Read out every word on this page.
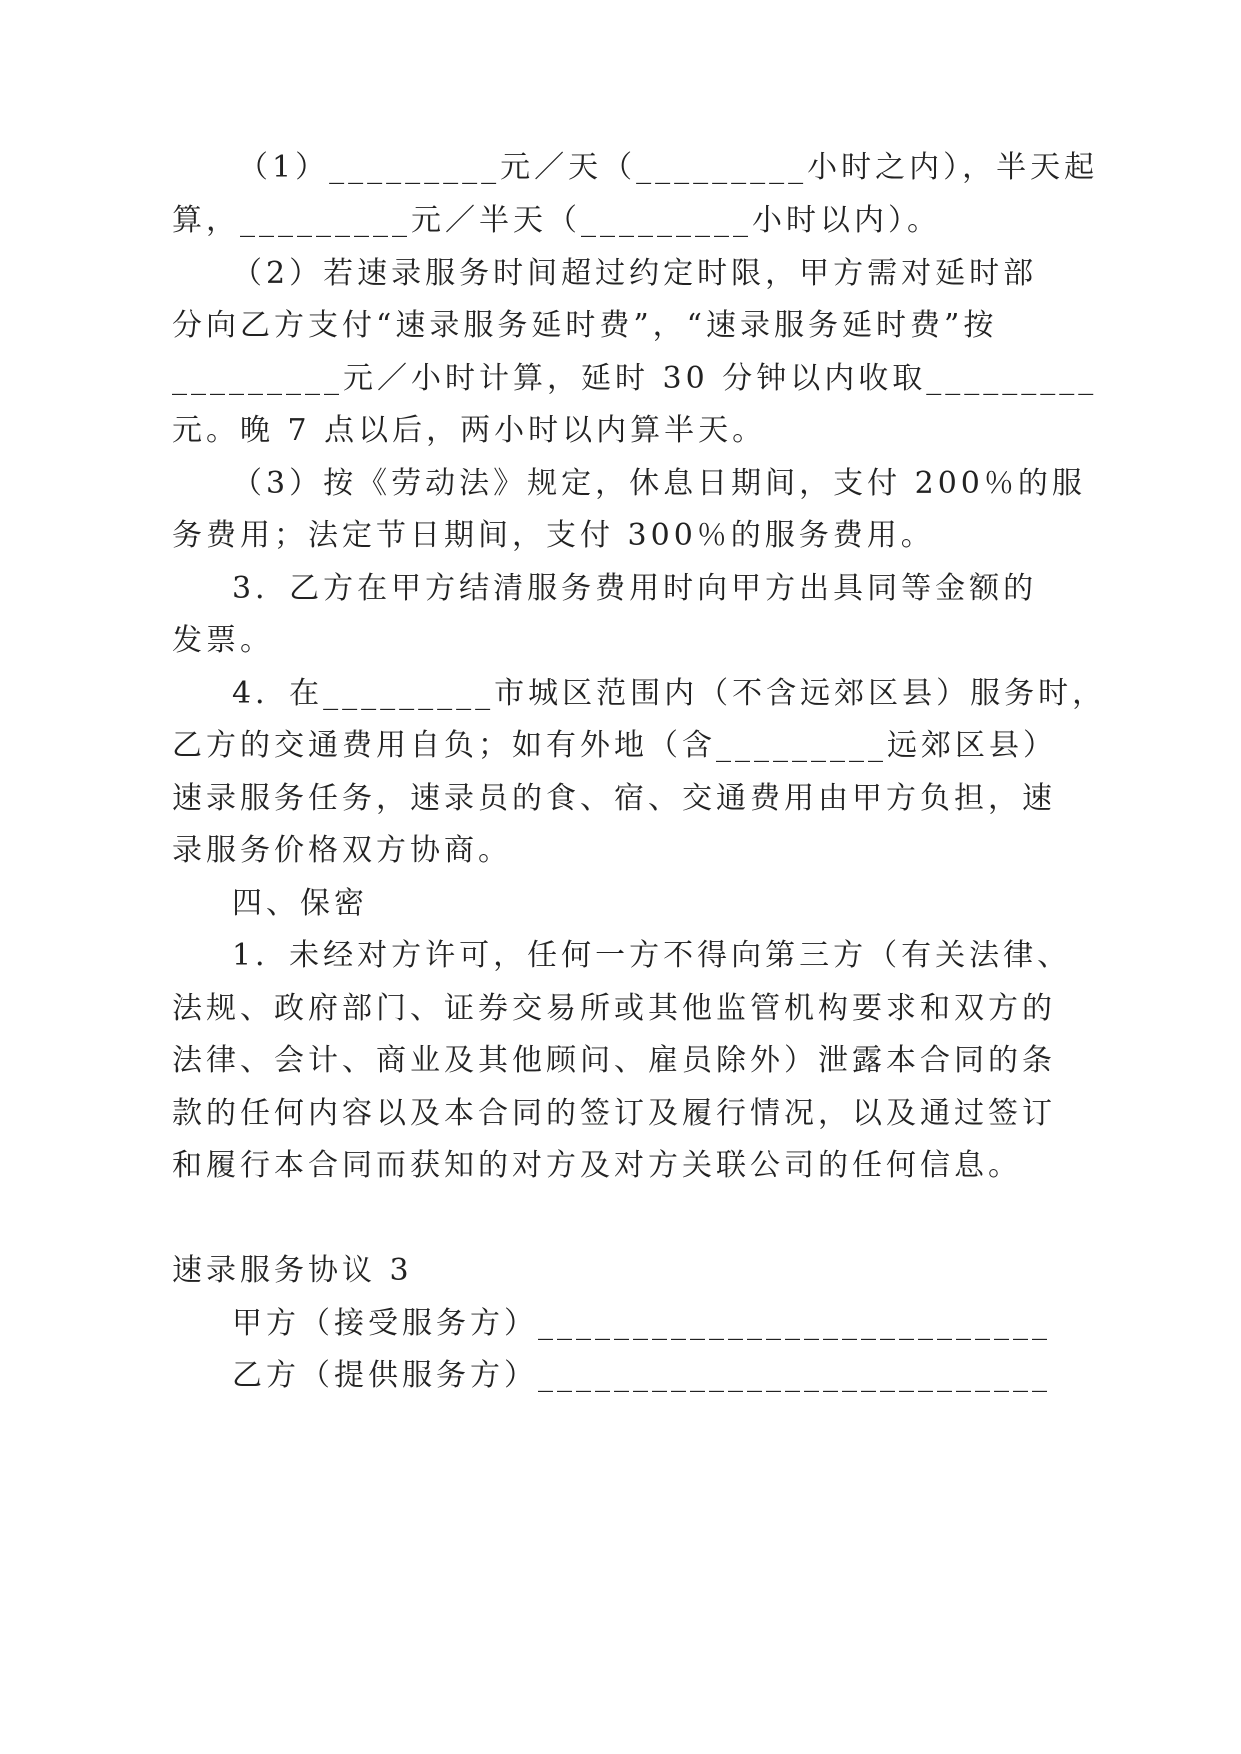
（1）_________元／天（_________小时之内），半天起
算，_________元／半天（_________小时以内）。
（2）若速录服务时间超过约定时限，甲方需对延时部
分向乙方支付“速录服务延时费”，“速录服务延时费”按
_________元／小时计算，延时 30 分钟以内收取_________
元。晚 7 点以后，两小时以内算半天。
（3）按《劳动法》规定，休息日期间，支付 200％的服
务费用；法定节日期间，支付 300％的服务费用。
3．乙方在甲方结清服务费用时向甲方出具同等金额的
发票。
4．在_________市城区范围内（不含远郊区县）服务时，
乙方的交通费用自负；如有外地（含_________远郊区县）
速录服务任务，速录员的食、宿、交通费用由甲方负担，速
录服务价格双方协商。
四、保密
1．未经对方许可，任何一方不得向第三方（有关法律、
法规、政府部门、证券交易所或其他监管机构要求和双方的
法律、会计、商业及其他顾问、雇员除外）泄露本合同的条
款的任何内容以及本合同的签订及履行情况，以及通过签订
和履行本合同而获知的对方及对方关联公司的任何信息。
速录服务协议 3
甲方（接受服务方）___________________________
乙方（提供服务方）___________________________
